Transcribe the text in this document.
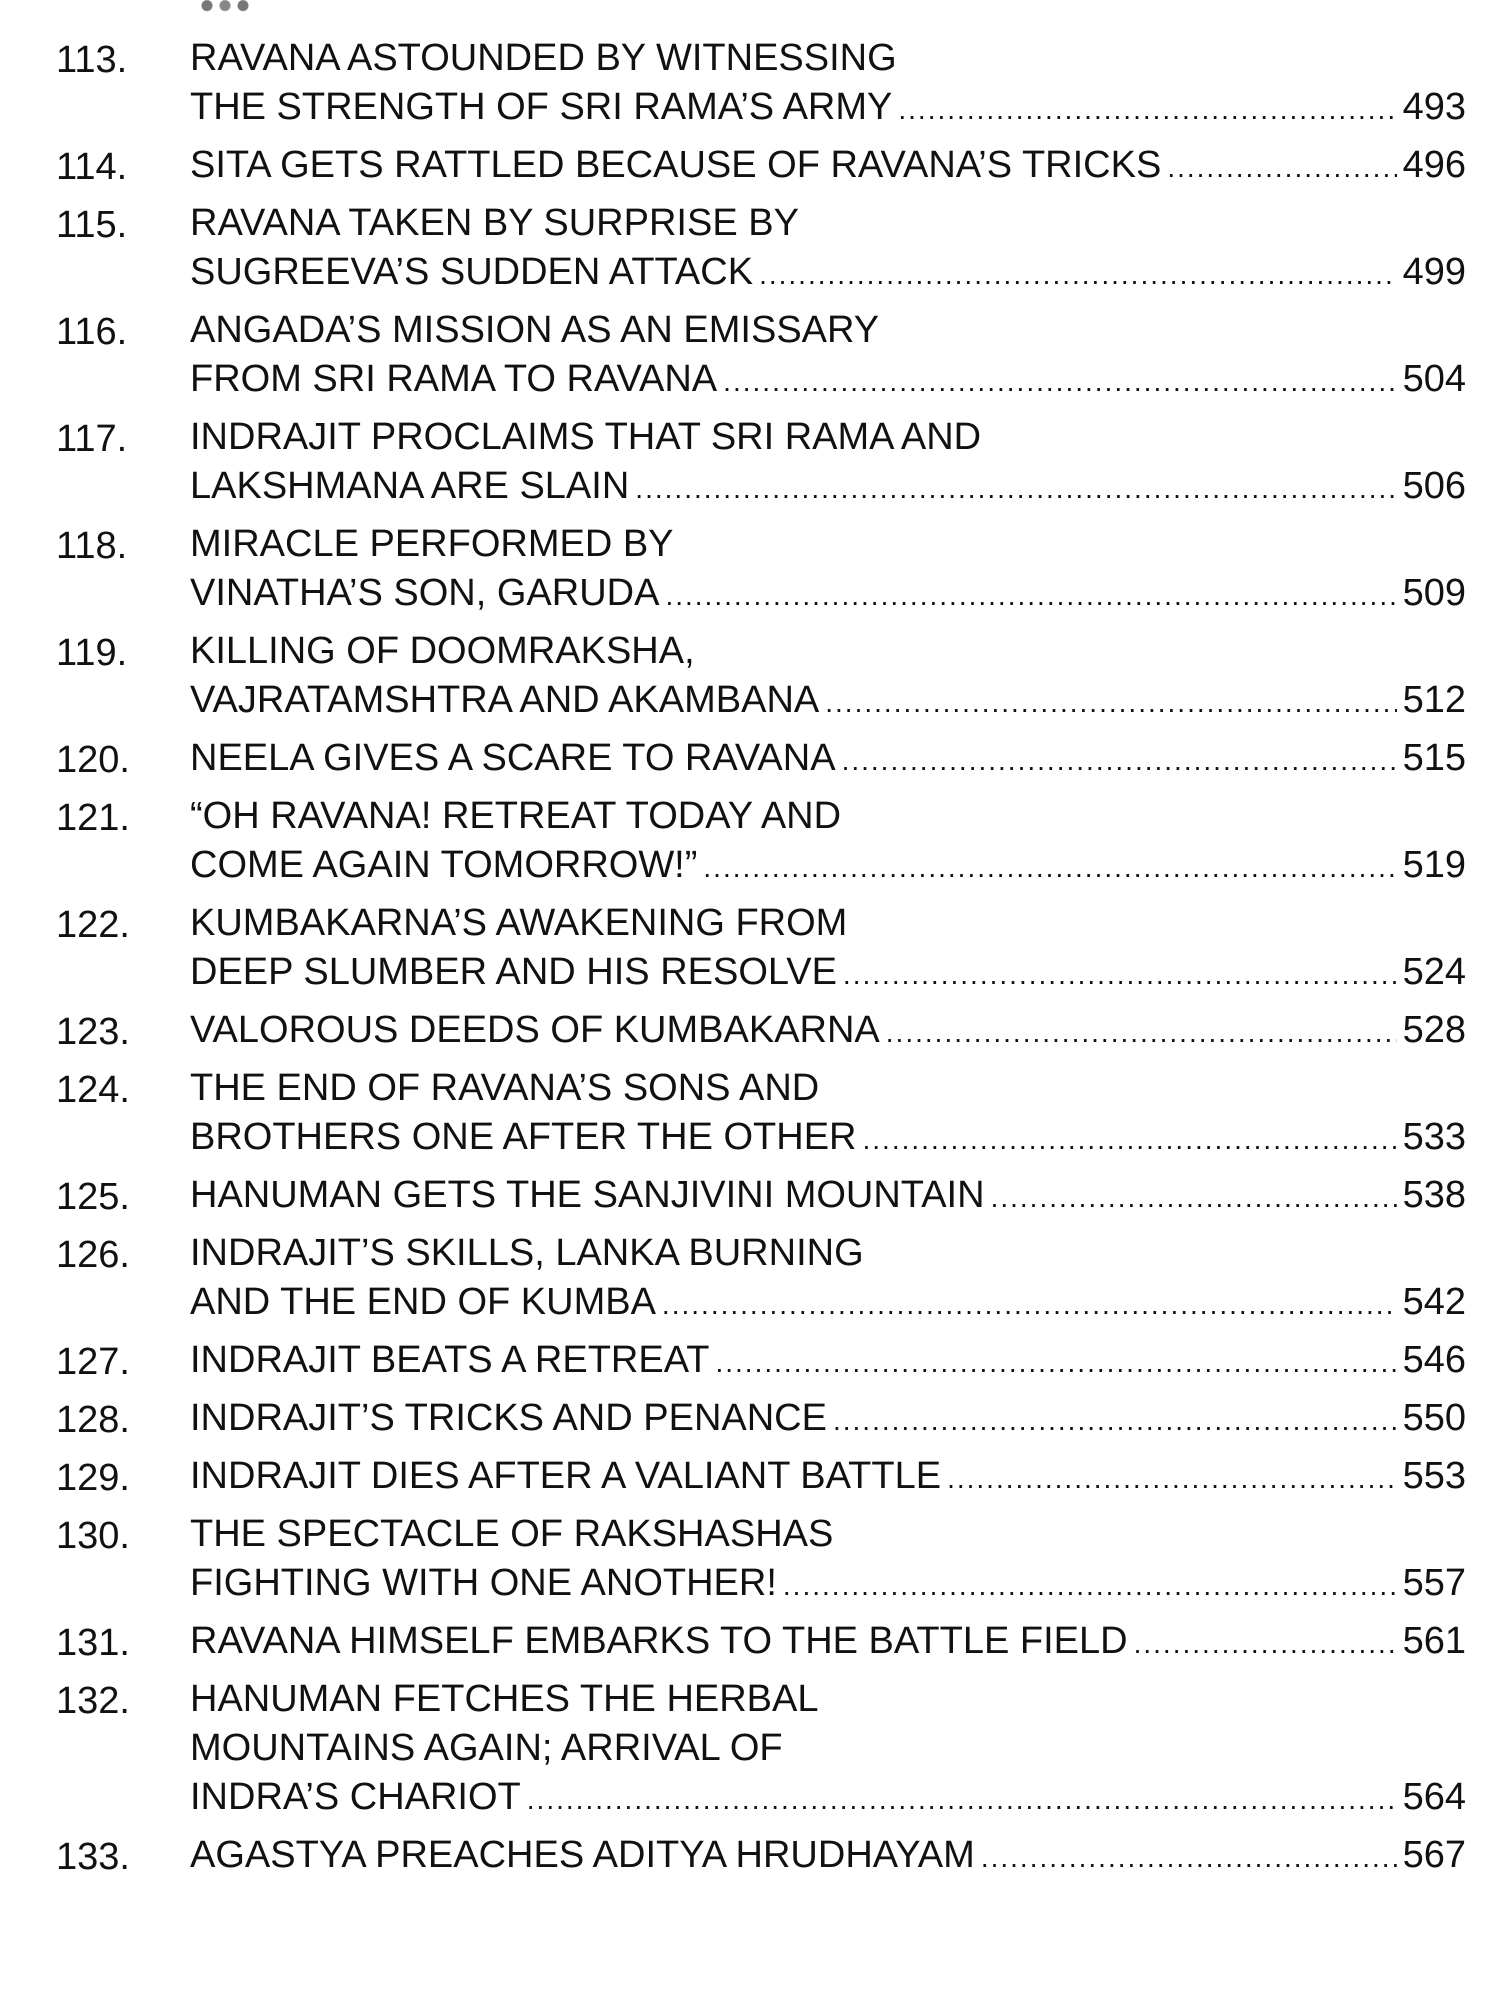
113. RAVANA ASTOUNDED BY WITNESSING
THE STRENGTH OF SRI RAMA’S ARMY .....	493
114. SITA GETS RATTLED BECAUSE OF RAVANA’S TRICKS .....	496
115. RAVANA TAKEN BY SURPRISE BY
SUGREEVA’S SUDDEN ATTACK .....	499
116. ANGADA’S MISSION AS AN EMISSARY
FROM SRI RAMA TO RAVANA .....	504
117. INDRAJIT PROCLAIMS THAT SRI RAMA AND
LAKSHMANA ARE SLAIN .....	506
118. MIRACLE PERFORMED BY
VINATHA’S SON, GARUDA .....	509
119. KILLING OF DOOMRAKSHA,
VAJRATAMSHTRA AND AKAMBANA .....	512
120. NEELA GIVES A SCARE TO RAVANA .....	515
121. “OH RAVANA! RETREAT TODAY AND
COME AGAIN TOMORROW!” .....	519
122. KUMBAKARNA’S AWAKENING FROM
DEEP SLUMBER AND HIS RESOLVE .....	524
123. VALOROUS DEEDS OF KUMBAKARNA .....	528
124. THE END OF RAVANA’S SONS AND
BROTHERS ONE AFTER THE OTHER .....	533
125. HANUMAN GETS THE SANJIVINI MOUNTAIN .....	538
126. INDRAJIT’S SKILLS, LANKA BURNING
AND THE END OF KUMBA .....	542
127. INDRAJIT BEATS A RETREAT .....	546
128. INDRAJIT’S TRICKS AND PENANCE .....	550
129. INDRAJIT DIES AFTER A VALIANT BATTLE .....	553
130. THE SPECTACLE OF RAKSHASHAS
FIGHTING WITH ONE ANOTHER! .....	557
131. RAVANA HIMSELF EMBARKS TO THE BATTLE FIELD .....	561
132. HANUMAN FETCHES THE HERBAL
MOUNTAINS AGAIN; ARRIVAL OF
INDRA’S CHARIOT .....	564
133. AGASTYA PREACHES ADITYA HRUDHAYAM .....	567
